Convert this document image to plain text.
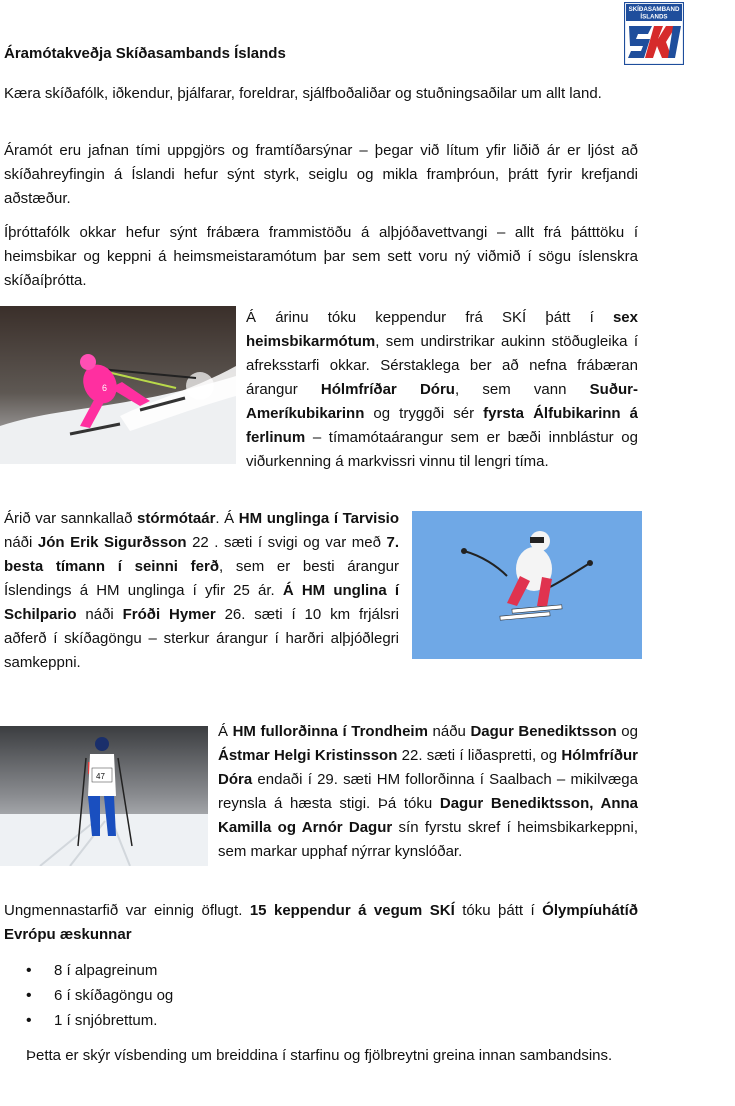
SKÍÐASAMBAND
ÍSLANDS
Áramótakveðja Skíðasambands Íslands

Kæra skíðafólk, iðkendur, þjálfarar, foreldrar, sjálfboðaliðar og stuðningsaðilar um allt land.

Áramót eru jafnan tími uppgjörs og framtíðarsýnar – þegar við lítum yfir liðið ár er ljóst að skíðahreyfingin á Íslandi hefur sýnt styrk, seiglu og mikla framþróun, þrátt fyrir krefjandi aðstæður.

Íþróttafólk okkar hefur sýnt frábæra frammistöðu á alþjóðavettvangi – allt frá þátttöku í heimsbikar og keppni á heimsmeistaramótum þar sem sett voru ný viðmið í sögu íslenskra skíðaíþrótta.

6
Á árinu tóku keppendur frá SKÍ þátt í sex heimsbikarmótum, sem undirstrikar aukinn stöðugleika í afreksstarfi okkar. Sérstaklega ber að nefna frábæran árangur Hólmfríðar Dóru, sem vann Suður-Ameríkubikarinn og tryggði sér fyrsta Álfubikarinn á ferlinum – tímamótaárangur sem er bæði innblástur og viðurkenning á markvissri vinnu til lengri tíma.
Árið var sannkallað stórmótaár. Á HM unglinga í Tarvisio náði Jón Erik Sigurðsson 22 . sæti í svigi og var með 7. besta tímann í seinni ferð, sem er besti árangur Íslendings á HM unglinga í yfir 25 ár. Á HM unglina í Schilpario náði Fróði Hymer 26. sæti í 10 km frjálsri aðferð í skíðagöngu – sterkur árangur í harðri alþjóðlegri samkeppni.
47
Á HM fullorðinna í Trondheim náðu Dagur Benediktsson og Ástmar Helgi Kristinsson 22. sæti í liðaspretti, og Hólmfríður Dóra endaði í 29. sæti HM follorðinna í Saalbach – mikilvæga reynsla á hæsta stigi. Þá tóku Dagur Benediktsson, Anna Kamilla og Arnór Dagur sín fyrstu skref í heimsbikarkeppni, sem markar upphaf nýrrar kynslóðar.
Ungmennastarfið var einnig öflugt. 15 keppendur á vegum SKÍ tóku þátt í Ólympíuhátíð Evrópu æskunnar
• 8 í alpagreinum
• 6 í skíðagöngu og
• 1 í snjóbrettum.

Þetta er skýr vísbending um breiddina í starfinu og fjölbreytni greina innan sambandsins.
